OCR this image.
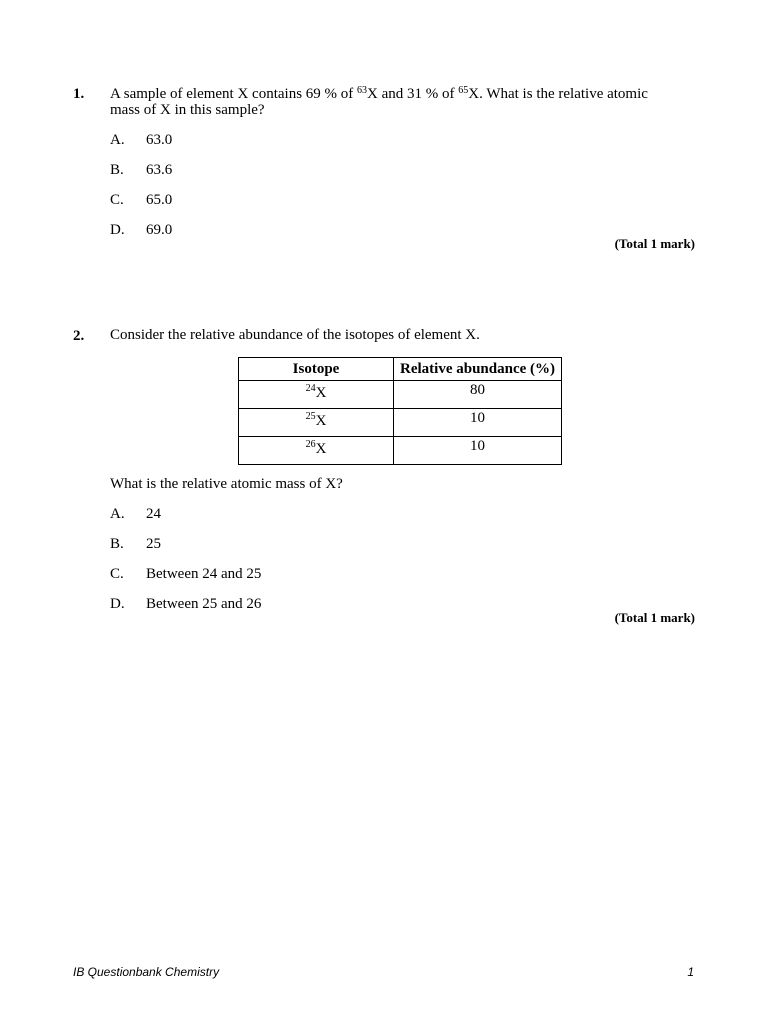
1. A sample of element X contains 69 % of $^{63}$X and 31 % of $^{65}$X. What is the relative atomic mass of X in this sample?
A. 63.0
B. 63.6
C. 65.0
D. 69.0
(Total 1 mark)
2. Consider the relative abundance of the isotopes of element X.
Isotope	Relative abundance (%)
$^{24}$X	80
$^{25}$X	10
$^{26}$X	10
What is the relative atomic mass of X?
A. 24
B. 25
C. Between 24 and 25
D. Between 25 and 26
(Total 1 mark)
IB Questionbank Chemistry	1
